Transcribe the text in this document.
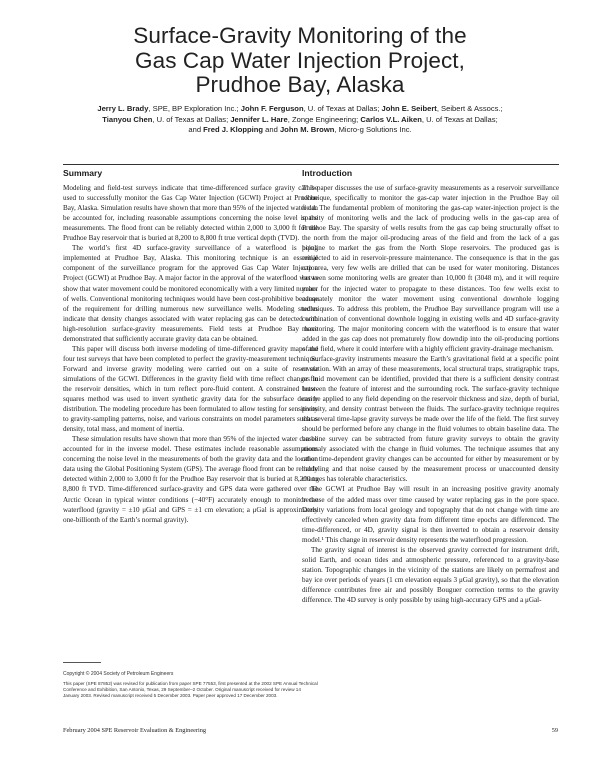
Surface-Gravity Monitoring of the
Gas Cap Water Injection Project,
Prudhoe Bay, Alaska
Jerry L. Brady, SPE, BP Exploration Inc.; John F. Ferguson, U. of Texas at Dallas; John E. Seibert, Seibert & Assocs.;
Tianyou Chen, U. of Texas at Dallas; Jennifer L. Hare, Zonge Engineering; Carlos V.L. Aiken, U. of Texas at Dallas;
and Fred J. Klopping and John M. Brown, Micro-g Solutions Inc.
Summary

Modeling and field-test surveys indicate that time-differenced surface gravity can be used to successfully monitor the Gas Cap Water Injection (GCWI) Project at Prudhoe Bay, Alaska. Simulation results have shown that more than 95% of the injected water can be accounted for, including reasonable assumptions concerning the noise level in the measurements. The flood front can be reliably detected within 2,000 to 3,000 ft for the Prudhoe Bay reservoir that is buried at 8,200 to 8,800 ft true vertical depth (TVD).

The world’s first 4D surface-gravity surveillance of a waterflood is being implemented at Prudhoe Bay, Alaska. This monitoring technique is an essential component of the surveillance program for the approved Gas Cap Water Injection Project (GCWI) at Prudhoe Bay. A major factor in the approval of the waterflood was to show that water movement could be monitored economically with a very limited number of wells. Conventional monitoring techniques would have been cost-prohibitive because of the requirement for drilling numerous new surveillance wells. Modeling studies indicate that density changes associated with water replacing gas can be detected with high-resolution surface-gravity measurements. Field tests at Prudhoe Bay have demonstrated that sufficiently accurate gravity data can be obtained.

This paper will discuss both inverse modeling of time-differenced gravity maps and four test surveys that have been completed to perfect the gravity-measurement technique. Forward and inverse gravity modeling were carried out on a suite of reservoir simulations of the GCWI. Differences in the gravity field with time reflect changes in the reservoir densities, which in turn reflect pore-fluid content. A constrained least-squares method was used to invert synthetic gravity data for the subsurface density distribution. The modeling procedure has been formulated to allow testing for sensitivity to gravity-sampling patterns, noise, and various constraints on model parameters such as density, total mass, and moment of inertia.

These simulation results have shown that more than 95% of the injected water can be accounted for in the inverse model. These estimates include reasonable assumptions concerning the noise level in the measurements of both the gravity data and the location data using the Global Positioning System (GPS). The average flood front can be reliably detected within 2,000 to 3,000 ft for the Prudhoe Bay reservoir that is buried at 8,200 to 8,800 ft TVD. Time-differenced surface-gravity and GPS data were gathered over the Arctic Ocean in typical winter conditions (−40°F) accurately enough to monitor the waterflood (gravity = ±10 μGal and GPS = ±1 cm elevation; a μGal is approximately one-billionth of the Earth’s normal gravity).

Introduction

This paper discusses the use of surface-gravity measurements as a reservoir surveillance technique, specifically to monitor the gas-cap water injection in the Prudhoe Bay oil field. The fundamental problem of monitoring the gas-cap water-injection project is the sparsity of monitoring wells and the lack of producing wells in the gas-cap area of Prudhoe Bay. The sparsity of wells results from the gas cap being structurally offset to the north from the major oil-producing areas of the field and from the lack of a gas pipeline to market the gas from the North Slope reservoirs. The produced gas is reinjected to aid in reservoir-pressure maintenance. The consequence is that in the gas cap area, very few wells are drilled that can be used for water monitoring. Distances between some monitoring wells are greater than 10,000 ft (3048 m), and it will require years for the injected water to propagate to these distances. Too few wells exist to adequately monitor the water movement using conventional downhole logging techniques. To address this problem, the Prudhoe Bay surveillance program will use a combination of conventional downhole logging in existing wells and 4D surface-gravity monitoring. The major monitoring concern with the waterflood is to ensure that water added in the gas cap does not prematurely flow downdip into the oil-producing portions of the field, where it could interfere with a highly efficient gravity-drainage mechanism.

Surface-gravity instruments measure the Earth’s gravitational field at a specific point or station. With an array of these measurements, local structural traps, stratigraphic traps, or fluid movement can be identified, provided that there is a sufficient density contrast between the feature of interest and the surrounding rock. The surface-gravity technique can be applied to any field depending on the reservoir thickness and size, depth of burial, porosity, and density contrast between the fluids. The surface-gravity technique requires that several time-lapse gravity surveys be made over the life of the field. The first survey should be performed before any change in the fluid volumes to obtain baseline data. The baseline survey can be subtracted from future gravity surveys to obtain the gravity anomaly associated with the change in fluid volumes. The technique assumes that any other time-dependent gravity changes can be accounted for either by measurement or by modeling and that noise caused by the measurement process or unaccounted density changes has tolerable characteristics.

The GCWI at Prudhoe Bay will result in an increasing positive gravity anomaly because of the added mass over time caused by water replacing gas in the pore space. Density variations from local geology and topography that do not change with time are effectively canceled when gravity data from different time epochs are differenced. The time-differenced, or 4D, gravity signal is then inverted to obtain a reservoir density model.¹ This change in reservoir density represents the waterflood progression.

The gravity signal of interest is the observed gravity corrected for instrument drift, solid Earth, and ocean tides and atmospheric pressure, referenced to a gravity-base station. Topographic changes in the vicinity of the stations are likely on permafrost and bay ice over periods of years (1 cm elevation equals 3 μGal gravity), so that the elevation difference contributes free air and possibly Bouguer correction terms to the gravity difference. The 4D survey is only possible by using high-accuracy GPS and a μGal-

Copyright © 2004 Society of Petroleum Engineers
This paper (SPE 87852) was revised for publication from paper SPE 77553, first presented at the 2002 SPE Annual Technical Conference and Exhibition, San Antonio, Texas, 29 September–2 October. Original manuscript received for review 14 January 2003. Revised manuscript received 5 December 2003. Paper peer approved 17 December 2003.
February 2004 SPE Reservoir Evaluation & Engineering	59
